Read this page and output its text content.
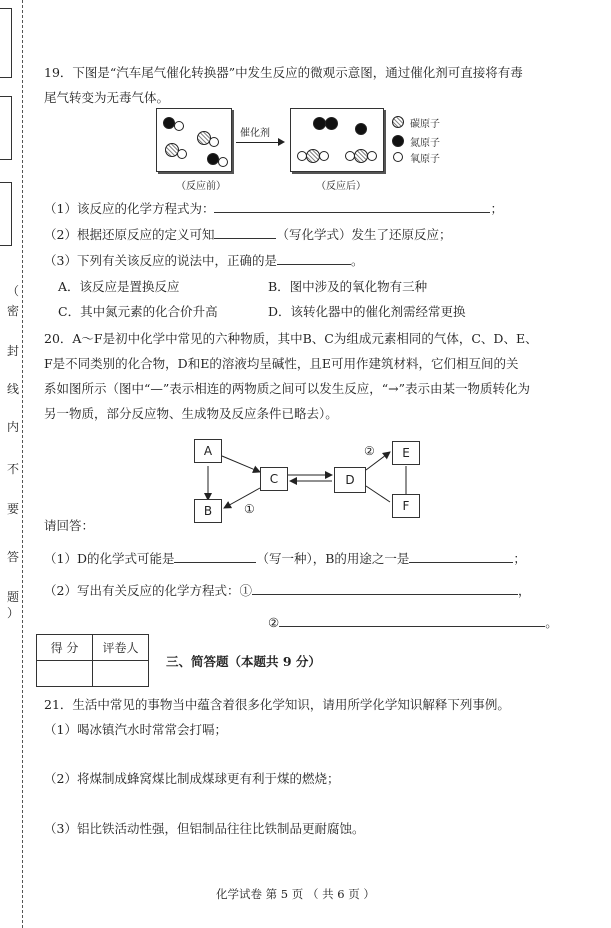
（
密
封
线
内
不
要
答
题
）
19．下图是“汽车尾气催化转换器”中发生反应的微观示意图，通过催化剂可直接将有毒
尾气转变为无毒气体。
催化剂
（反应前）	（反应后）
碳原子
氮原子
氧原子
（1）该反应的化学方程式为：	；
（2）根据还原反应的定义可知	（写化学式）发生了还原反应；
（3）下列有关该反应的说法中，正确的是	。
A．该反应是置换反应	B．图中涉及的氧化物有三种
C．其中氮元素的化合价升高	D．该转化器中的催化剂需经常更换
20．A～F是初中化学中常见的六种物质，其中B、C为组成元素相同的气体，C、D、E、
F是不同类别的化合物，D和E的溶液均呈碱性，且E可用作建筑材料，它们相互间的关
系如图所示（图中“—”表示相连的两物质之间可以发生反应，“→”表示由某一物质转化为
另一物质，部分反应物、生成物及反应条件已略去）。
A
B
C	D
E
F
①
②
请回答：
（1）D的化学式可能是	（写一种），B的用途之一是	；
（2）写出有关反应的化学方程式：①	，
②	。
得 分	评卷人

三、简答题（本题共 9 分）
21．生活中常见的事物当中蕴含着很多化学知识，请用所学化学知识解释下列事例。
（1）喝冰镇汽水时常常会打嗝；
（2）将煤制成蜂窝煤比制成煤球更有利于煤的燃烧；
（3）铝比铁活动性强，但铝制品往往比铁制品更耐腐蚀。
化学试卷 第 5 页 （ 共 6 页 ）
